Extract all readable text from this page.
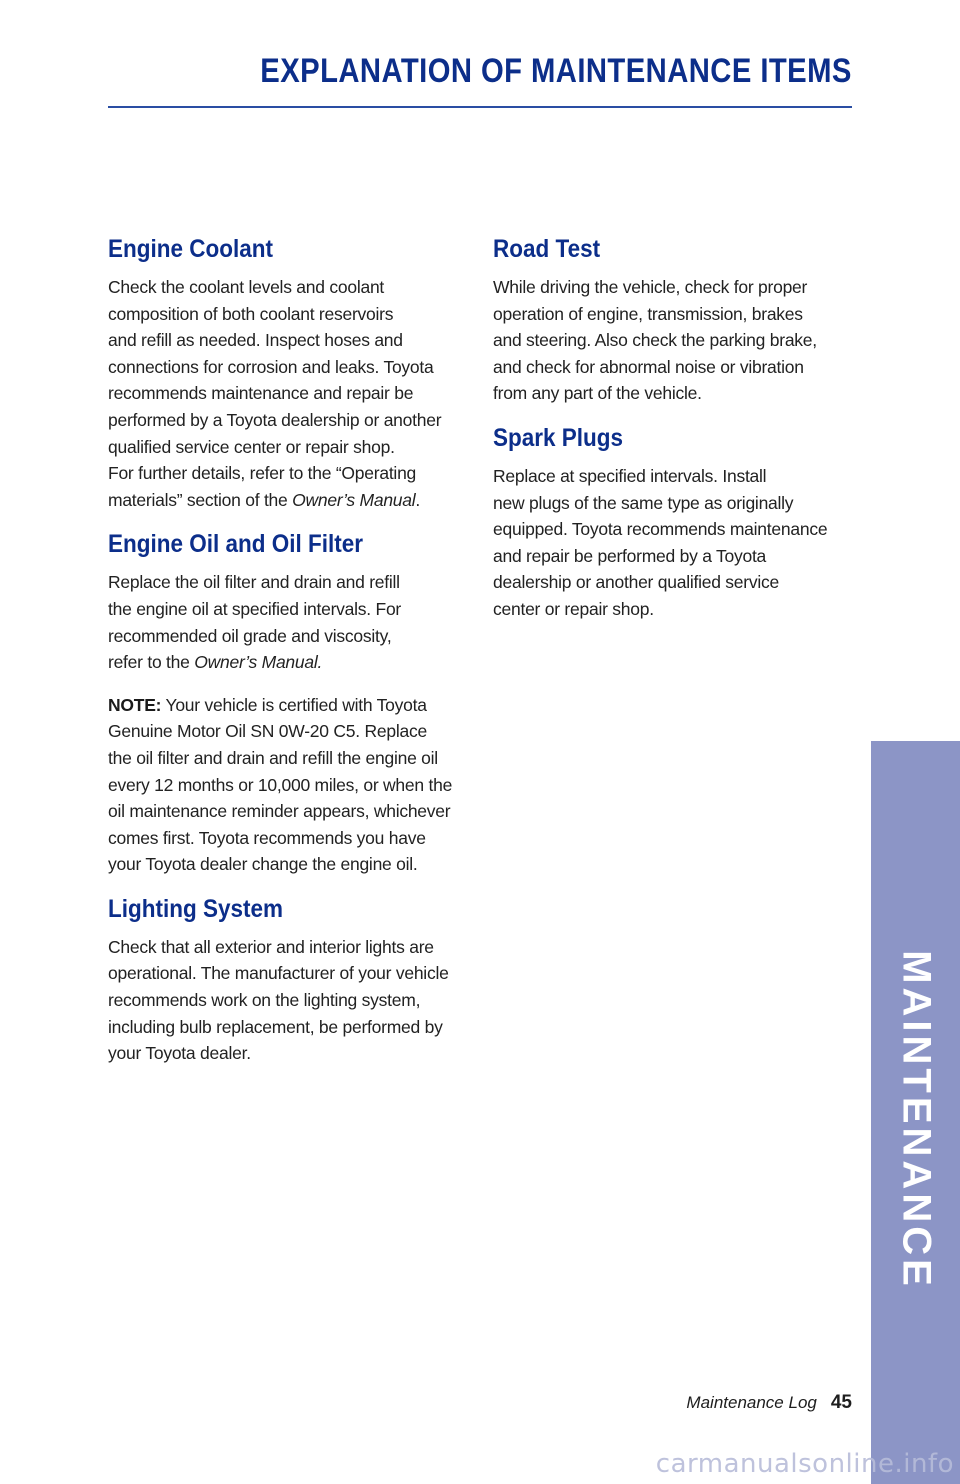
EXPLANATION OF MAINTENANCE ITEMS
Engine Coolant

Check the coolant levels and coolant
composition of both coolant reservoirs
and refill as needed. Inspect hoses and
connections for corrosion and leaks. Toyota
recommends maintenance and repair be
performed by a Toyota dealership or another
qualified service center or repair shop.
For further details, refer to the “Operating
materials” section of the Owner’s Manual.

Engine Oil and Oil Filter

Replace the oil filter and drain and refill
the engine oil at specified intervals. For
recommended oil grade and viscosity,
refer to the Owner’s Manual.

NOTE: Your vehicle is certified with Toyota
Genuine Motor Oil SN 0W-20 C5. Replace
the oil filter and drain and refill the engine oil
every 12 months or 10,000 miles, or when the
oil maintenance reminder appears, whichever
comes first. Toyota recommends you have
your Toyota dealer change the engine oil.

Lighting System

Check that all exterior and interior lights are
operational. The manufacturer of your vehicle
recommends work on the lighting system,
including bulb replacement, be performed by
your Toyota dealer.

Road Test

While driving the vehicle, check for proper
operation of engine, transmission, brakes
and steering. Also check the parking brake,
and check for abnormal noise or vibration
from any part of the vehicle.

Spark Plugs

Replace at specified intervals. Install
new plugs of the same type as originally
equipped. Toyota recommends maintenance
and repair be performed by a Toyota
dealership or another qualified service
center or repair shop.

MAINTENANCE
Maintenance Log 45
carmanualsonline.info
